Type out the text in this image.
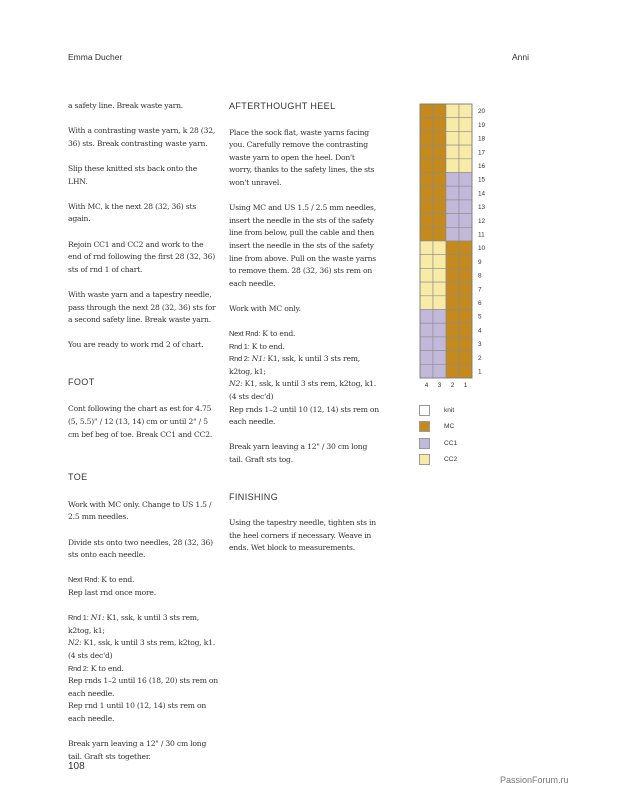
Emma Ducher	Anni

a safety line. Break waste yarn.

With a contrasting waste yarn, k 28 (32, 36) sts. Break contrasting waste yarn.

Slip these knitted sts back onto the LHN.

With MC, k the next 28 (32, 36) sts again.

Rejoin CC1 and CC2 and work to the end of rnd following the first 28 (32, 36) sts of rnd 1 of chart.

With waste yarn and a tapestry needle, pass through the next 28 (32, 36) sts for a second safety line. Break waste yarn.

You are ready to work rnd 2 of chart.

FOOT

Cont following the chart as est for 4.75 (5, 5.5)" / 12 (13, 14) cm or until 2" / 5 cm bef beg of toe. Break CC1 and CC2.

TOE

Work with MC only. Change to US 1.5 / 2.5 mm needles.

Divide sts onto two needles, 28 (32, 36) sts onto each needle.

Next Rnd: K to end.

Rep last rnd once more.

Rnd 1: N1: K1, ssk, k until 3 sts rem, k2tog, k1;

N2: K1, ssk, k until 3 sts rem, k2tog, k1. (4 sts dec'd)

Rnd 2: K to end.

Rep rnds 1–2 until 16 (18, 20) sts rem on each needle.

Rep rnd 1 until 10 (12, 14) sts rem on each needle.

Break yarn leaving a 12" / 30 cm long tail. Graft sts together.

AFTERTHOUGHT HEEL

Place the sock flat, waste yarns facing you. Carefully remove the contrasting waste yarn to open the heel. Don't worry, thanks to the safety lines, the sts won't unravel.

Using MC and US 1.5 / 2.5 mm needles, insert the needle in the sts of the safety line from below, pull the cable and then insert the needle in the sts of the safety line from above. Pull on the waste yarns to remove them. 28 (32, 36) sts rem on each needle.

Work with MC only.

Next Rnd: K to end.

Rnd 1: K to end.

Rnd 2: N1: K1, ssk, k until 3 sts rem, k2tog, k1;

N2: K1, ssk, k until 3 sts rem, k2tog, k1. (4 sts dec'd)

Rep rnds 1–2 until 10 (12, 14) sts rem on each needle.

Break yarn leaving a 12" / 30 cm long tail. Graft sts tog.

FINISHING

Using the tapestry needle, tighten sts in the heel corners if necessary. Weave in ends. Wet block to measurements.

20
19
18
17
16
15
14
13
12
11
10
9
8
7
6
5
4
3
2
1
4 3 2 1
knit
MC
CC1
CC2
108
PassionForum.ru
